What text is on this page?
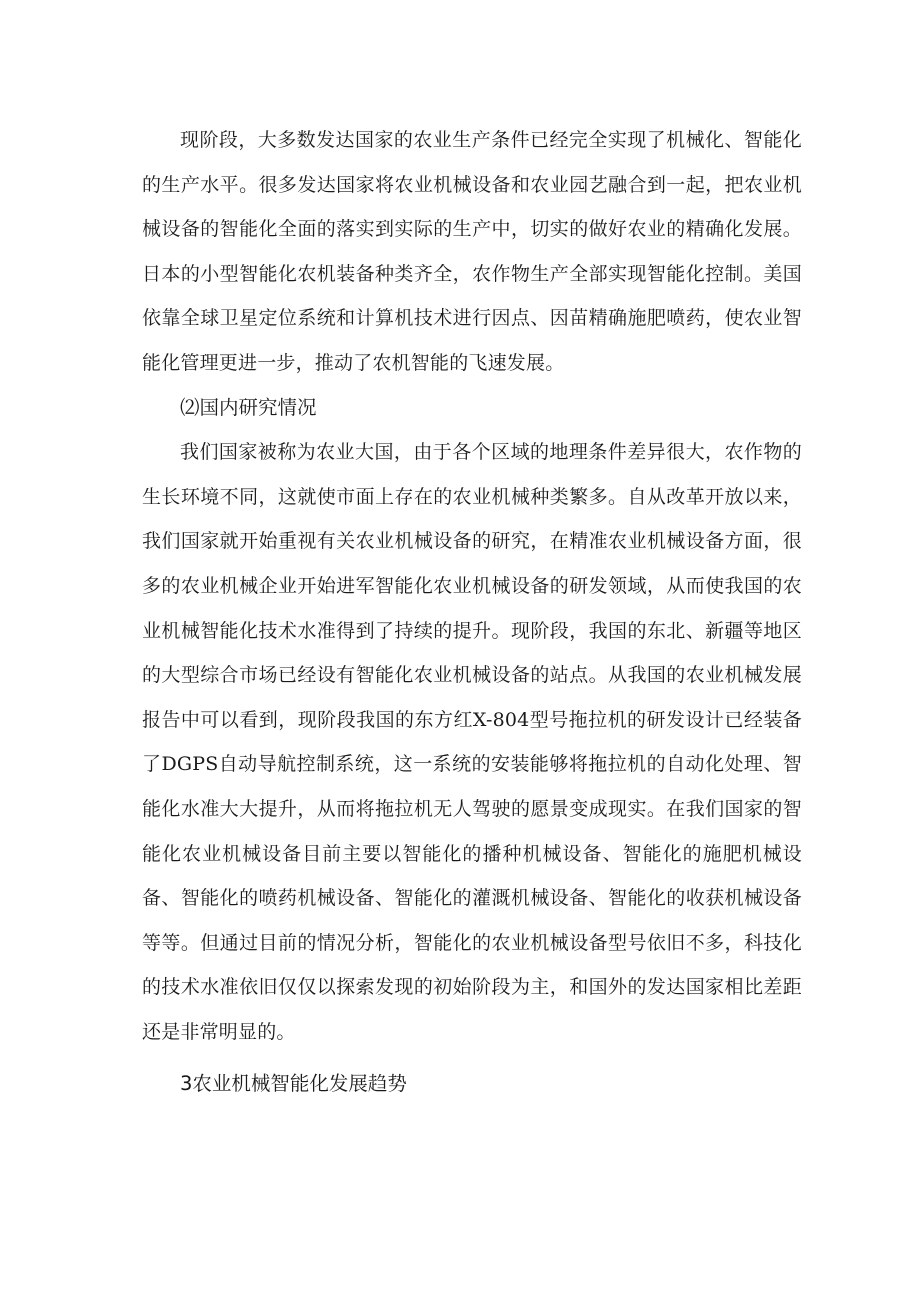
现阶段，大多数发达国家的农业生产条件已经完全实现了机械化、智能化的生产水平。很多发达国家将农业机械设备和农业园艺融合到一起，把农业机械设备的智能化全面的落实到实际的生产中，切实的做好农业的精确化发展。日本的小型智能化农机装备种类齐全，农作物生产全部实现智能化控制。美国依靠全球卫星定位系统和计算机技术进行因点、因苗精确施肥喷药，使农业智能化管理更进一步，推动了农机智能的飞速发展。

⑵国内研究情况

我们国家被称为农业大国，由于各个区域的地理条件差异很大，农作物的生长环境不同，这就使市面上存在的农业机械种类繁多。自从改革开放以来，我们国家就开始重视有关农业机械设备的研究，在精准农业机械设备方面，很多的农业机械企业开始进军智能化农业机械设备的研发领域，从而使我国的农业机械智能化技术水准得到了持续的提升。现阶段，我国的东北、新疆等地区的大型综合市场已经设有智能化农业机械设备的站点。从我国的农业机械发展报告中可以看到，现阶段我国的东方红X-804型号拖拉机的研发设计已经装备了DGPS自动导航控制系统，这一系统的安装能够将拖拉机的自动化处理、智能化水准大大提升，从而将拖拉机无人驾驶的愿景变成现实。在我们国家的智能化农业机械设备目前主要以智能化的播种机械设备、智能化的施肥机械设备、智能化的喷药机械设备、智能化的灌溉机械设备、智能化的收获机械设备等等。但通过目前的情况分析，智能化的农业机械设备型号依旧不多，科技化的技术水准依旧仅仅以探索发现的初始阶段为主，和国外的发达国家相比差距还是非常明显的。

3农业机械智能化发展趋势
